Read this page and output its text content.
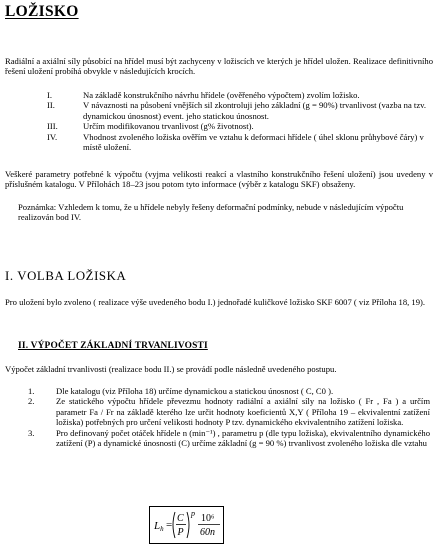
LOŽISKO
Radiální a axiální síly působící na hřídel musí být zachyceny v ložiscích ve kterých je hřídel uložen. Realizace definitivního řešení uložení probíhá obvykle v následujících krocích.
I.	Na základě konstrukčního návrhu hřídele (ověřeného výpočtem) zvolím ložisko.
II.	V návaznosti na působení vnějších sil zkontroluji jeho základní (g = 90%) trvanlivost (vazba na tzv. dynamickou únosnost) event. jeho statickou únosnost.
III.	Určím modifikovanou trvanlivost (g% životnost).
IV.	Vhodnost zvoleného ložiska ověřím ve vztahu k deformaci hřídele ( úhel sklonu průhybové čáry) v místě uložení.
Veškeré parametry potřebné k výpočtu (vyjma velikosti reakcí a vlastního konstrukčního řešení uložení) jsou uvedeny v příslušném katalogu. V Přílohách 18–23 jsou potom tyto informace (výběr z katalogu SKF) obsaženy.
Poznámka: Vzhledem k tomu, že u hřídele nebyly řešeny deformační podmínky, nebude v následujícím výpočtu realizován bod IV.
I. VOLBA LOŽISKA
Pro uložení bylo zvoleno ( realizace výše uvedeného bodu I.) jednořadé kuličkové ložisko SKF 6007 ( viz Příloha 18, 19).
II. VÝPOČET ZÁKLADNÍ TRVANLIVOSTI
Výpočet základní trvanlivosti (realizace bodu II.) se provádí podle následně uvedeného postupu.
1.	Dle katalogu (viz Příloha 18) určíme dynamickou a statickou únosnost ( C, C0 ).
2.	Ze statického výpočtu hřídele převezmu hodnoty radiální a axiální síly na ložisko ( Fr , Fa ) a určím parametr Fa / Fr na základě kterého lze určit hodnoty koeficientů X,Y ( Příloha 19 – ekvivalentní zatížení ložiska) potřebných pro určení velikosti hodnoty P tzv. dynamického ekvivalentního zatížení ložiska.
3.	Pro definovaný počet otáček hřídele n (min⁻¹) , parametru p (dle typu ložiska), ekvivalentního dynamického zatížení (P) a dynamické únosnosti (C) určíme základní (g = 90 %) trvanlivost zvoleného ložiska dle vztahu
Lh =
C
P
p 10⁶
60n
